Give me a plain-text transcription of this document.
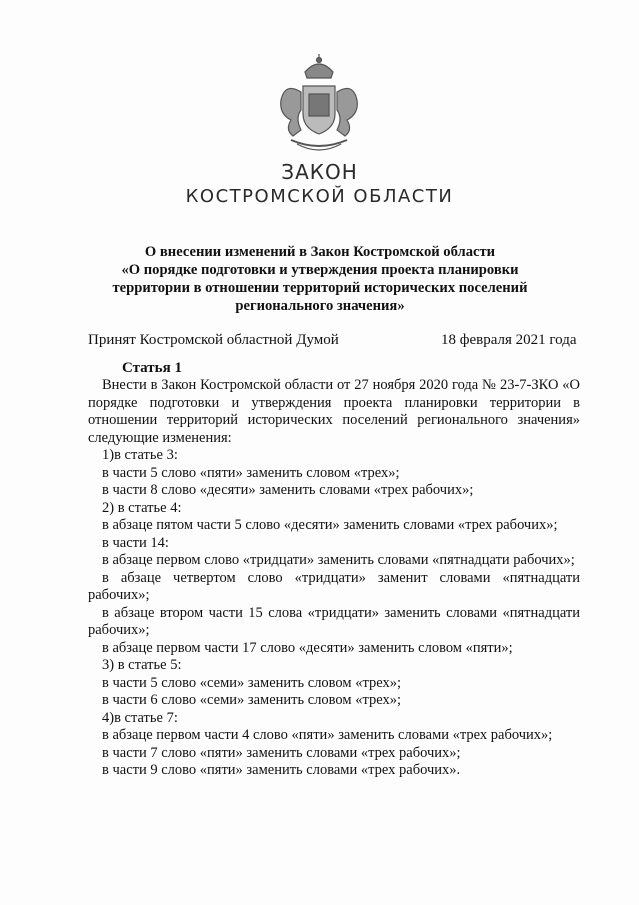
ЗАКОН
КОСТРОМСКОЙ ОБЛАСТИ
О внесении изменений в Закон Костромской области
«О порядке подготовки и утверждения проекта планировки
территории в отношении территорий исторических поселений
регионального значения»
Принят Костромской областной Думой	18 февраля 2021 года
Статья 1

Внести в Закон Костромской области от 27 ноября 2020 года № 23-7-ЗКО «О порядке подготовки и утверждения проекта планировки территории в отношении территорий исторических поселений регионального значения» следующие изменения:

1)в статье 3:

в части 5 слово «пяти» заменить словом «трех»;

в части 8 слово «десяти» заменить словами «трех рабочих»;

2) в статье 4:

в абзаце пятом части 5 слово «десяти» заменить словами «трех рабочих»;

в части 14:

в абзаце первом слово «тридцати» заменить словами «пятнадцати рабочих»;

в абзаце четвертом слово «тридцати» заменит словами «пятнадцати рабочих»;

в абзаце втором части 15 слова «тридцати» заменить словами «пятнадцати рабочих»;

в абзаце первом части 17 слово «десяти» заменить словом «пяти»;

3) в статье 5:

в части 5 слово «семи» заменить словом «трех»;

в части 6 слово «семи» заменить словом «трех»;

4)в статье 7:

в абзаце первом части 4 слово «пяти» заменить словами «трех рабочих»;

в части 7 слово «пяти» заменить словами «трех рабочих»;

в части 9 слово «пяти» заменить словами «трех рабочих».
